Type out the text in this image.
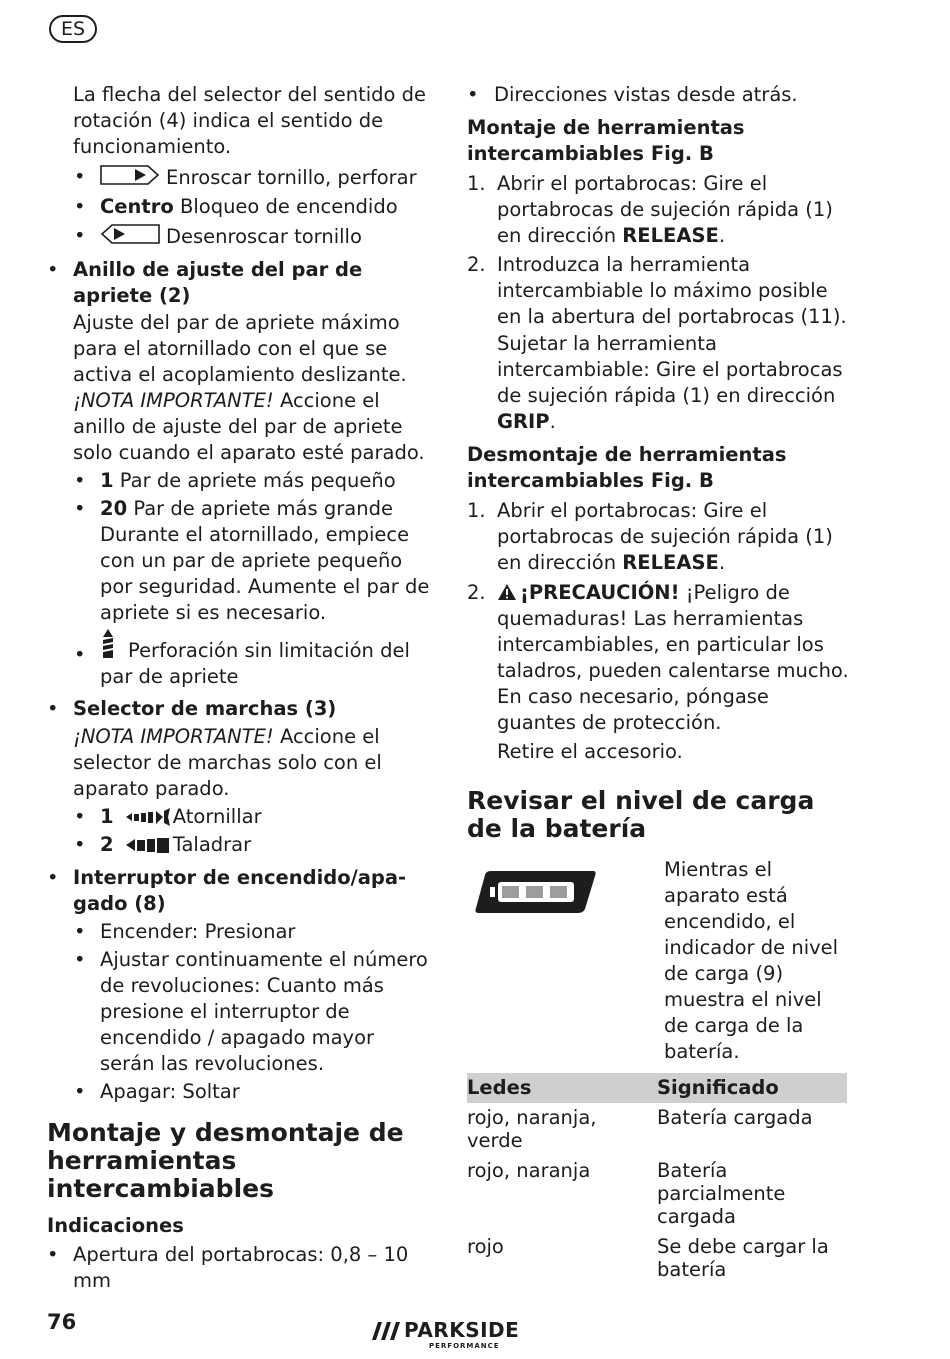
ES

La flecha del selector del sentido de rotación (4) indica el sentido de funcionamiento.

•	Enroscar tornillo, perforar
• Centro Bloqueo de encendido
•	Desenroscar tornillo
• Anillo de ajuste del par de
apriete (2)

Ajuste del par de apriete máximo para el atornillado con el que se activa el acoplamiento deslizante.

¡NOTA IMPORTANTE! Accione el anillo de ajuste del par de apriete solo cuando el aparato esté parado.

• 1 Par de apriete más pequeño
• 20 Par de apriete más grande

Durante el atornillado, empiece con un par de apriete pequeño por seguridad. Aumente el par de apriete si es necesario.

• Perforación sin limitación del par de apriete
• Selector de marchas (3)

¡NOTA IMPORTANTE! Accione el selector de marchas solo con el aparato parado.

• 1	Atornillar
• 2	Taladrar
• Interruptor de encendido/apa-
gado (8)

• Encender: Presionar
• Ajustar continuamente el número de revoluciones: Cuanto más presione el interruptor de encendido / apagado mayor serán las revoluciones.
• Apagar: Soltar
Montaje y desmontaje de herramientas intercambiables
Indicaciones
• Apertura del portabrocas: 0,8 – 10 mm
• Direcciones vistas desde atrás.
Montaje de herramientas intercambiables Fig. B
1. Abrir el portabrocas: Gire el portabrocas de sujeción rápida (1) en dirección RELEASE.

2. Introduzca la herramienta intercambiable lo máximo posible en la abertura del portabrocas (11).

Sujetar la herramienta intercambiable: Gire el portabrocas de sujeción rápida (1) en dirección GRIP.

Desmontaje de herramientas intercambiables Fig. B
1. Abrir el portabrocas: Gire el portabrocas de sujeción rápida (1) en dirección RELEASE.

2.	¡PRECAUCIÓN! ¡Peligro de quemaduras! Las herramientas intercambiables, en particular los taladros, pueden calentarse mucho. En caso necesario, póngase guantes de protección.

Retire el accesorio.

Revisar el nivel de carga de la batería

Mientras el aparato está encendido, el indicador de nivel de carga (9) muestra el nivel de carga de la batería.

Ledes	Significado
rojo, naranja, verde	Batería cargada
rojo, naranja	Batería parcialmente cargada
rojo	Se debe cargar la batería
76	PARKSIDE
PERFORMANCE
